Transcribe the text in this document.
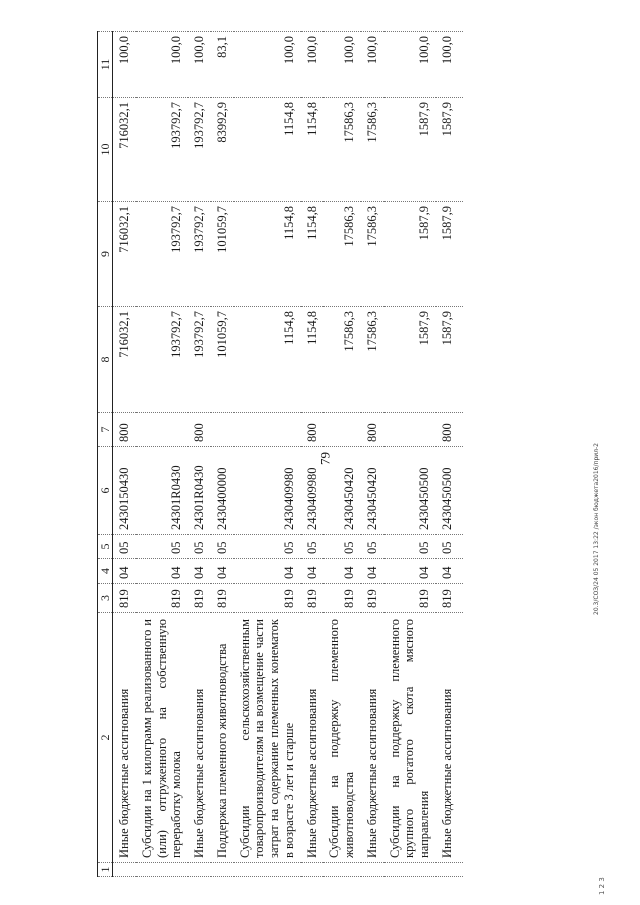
79
1	2	3	4	5	6	7	8	9	10	11
	Иные бюджетные ассигнования	819	04	05	2430150430	800	716032,1	716032,1	716032,1	100,0
	Субсидии на 1 килограмм реализованного и (или) отгруженного на собственную переработку молока	819	04	05	24301R0430		193792,7	193792,7	193792,7	100,0
	Иные бюджетные ассигнования	819	04	05	24301R0430	800	193792,7	193792,7	193792,7	100,0
	Поддержка племенного животноводства	819	04	05	2430400000		101059,7	101059,7	83992,9	83,1
	Субсидии сельскохозяйственным товаропроизводителям на возмещение части затрат на содержание племенных конематок в возрасте 3 лет и старше	819	04	05	2430409980		1154,8	1154,8	1154,8	100,0
	Иные бюджетные ассигнования	819	04	05	2430409980	800	1154,8	1154,8	1154,8	100,0
	Субсидии на поддержку племенного животноводства	819	04	05	2430450420		17586,3	17586,3	17586,3	100,0
	Иные бюджетные ассигнования	819	04	05	2430450420	800	17586,3	17586,3	17586,3	100,0
	Субсидии на поддержку племенного крупного рогатого скота мясного направления	819	04	05	2430450500		1587,9	1587,9	1587,9	100,0
	Иные бюджетные ассигнования	819	04	05	2430450500	800	1587,9	1587,9	1587,9	100,0
20.3/СОЗ/24 05 2017 13:22 /экон бюджета2016/прил-2
1 2 3
